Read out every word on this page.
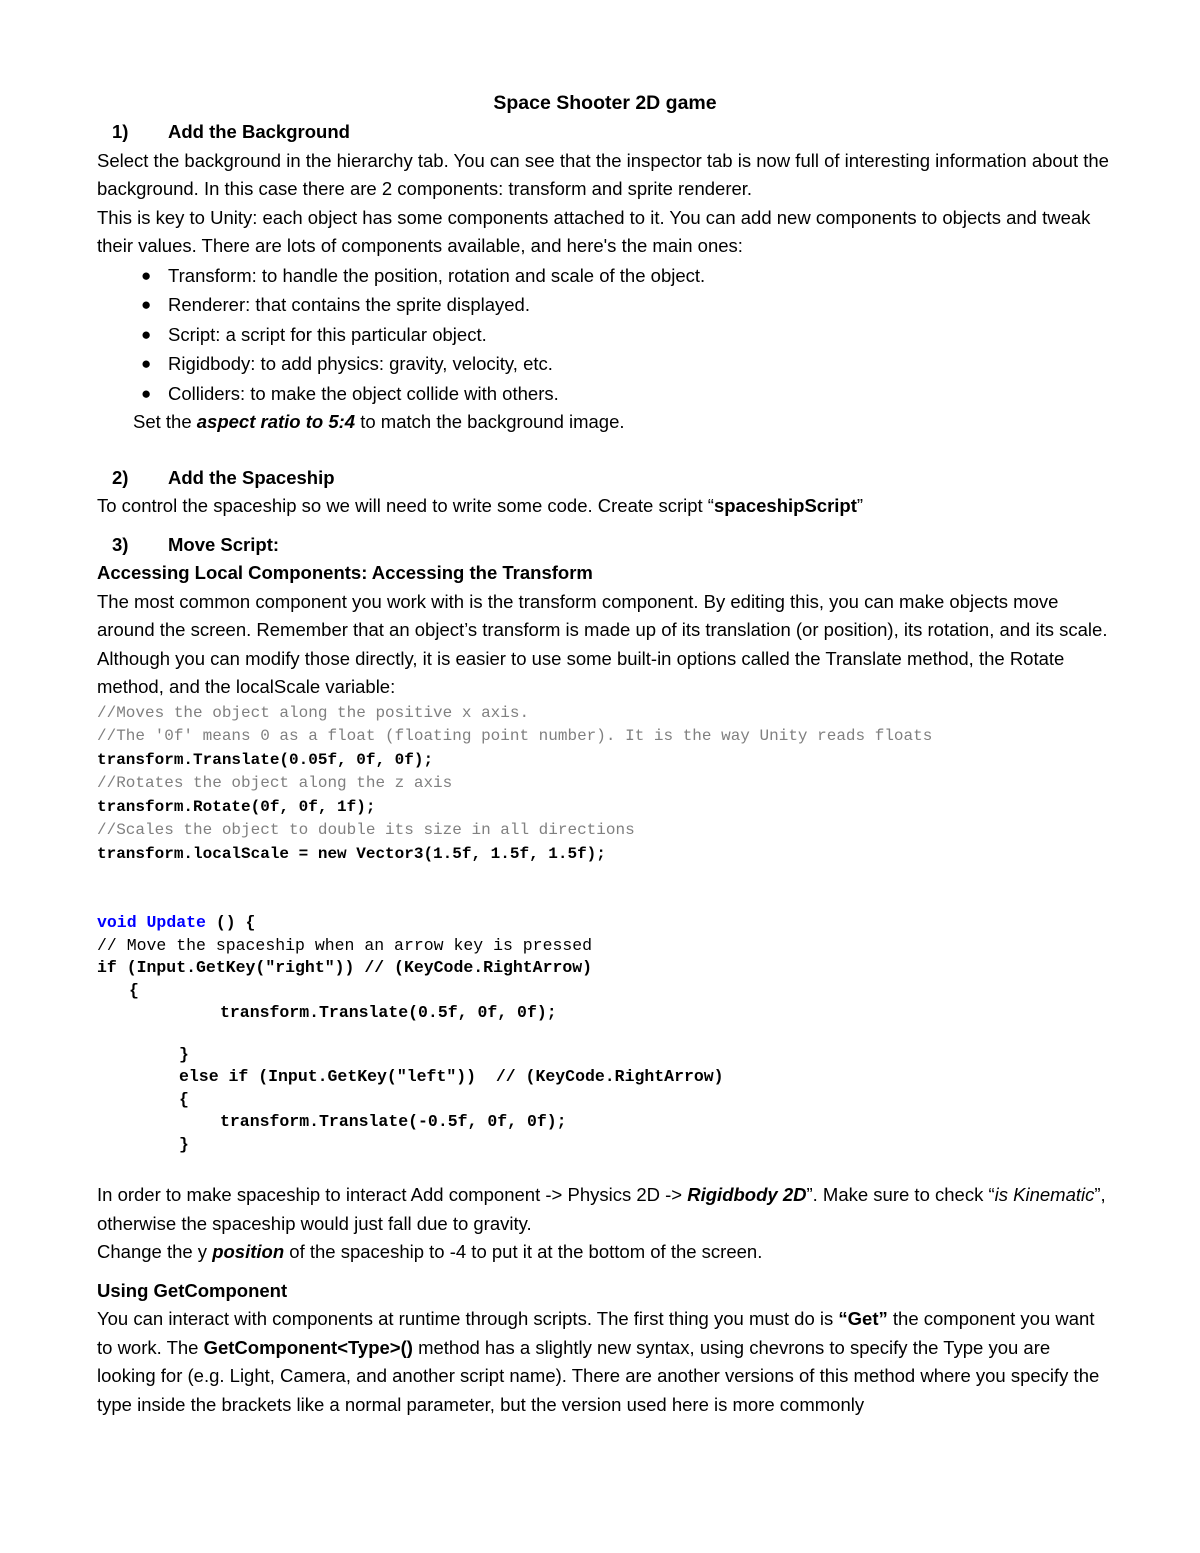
Space Shooter 2D game

1) Add the Background

Select the background in the hierarchy tab. You can see that the inspector tab is now full of interesting information about the background. In this case there are 2 components: transform and sprite renderer.

This is key to Unity: each object has some components attached to it. You can add new components to objects and tweak their values. There are lots of components available, and here's the main ones:

● Transform: to handle the position, rotation and scale of the object.
● Renderer: that contains the sprite displayed.
● Script: a script for this particular object.
● Rigidbody: to add physics: gravity, velocity, etc.
● Colliders: to make the object collide with others.

Set the aspect ratio to 5:4 to match the background image.

2) Add the Spaceship

To control the spaceship so we will need to write some code. Create script “spaceshipScript”

3) Move Script:

Accessing Local Components: Accessing the Transform

The most common component you work with is the transform component. By editing this, you can make objects move around the screen. Remember that an object’s transform is made up of its translation (or position), its rotation, and its scale. Although you can modify those directly, it is easier to use some built-in options called the Translate method, the Rotate method, and the localScale variable:

//Moves the object along the positive x axis.
//The '0f' means 0 as a float (floating point number). It is the way Unity reads floats
transform.Translate(0.05f, 0f, 0f);
//Rotates the object along the z axis
transform.Rotate(0f, 0f, 1f);
//Scales the object to double its size in all directions
transform.localScale = new Vector3(1.5f, 1.5f, 1.5f);
void Update () {
// Move the spaceship when an arrow key is pressed
if (Input.GetKey("right")) // (KeyCode.RightArrow)
{
transform.Translate(0.5f, 0f, 0f);
}
else if (Input.GetKey("left"))  // (KeyCode.RightArrow)
{
transform.Translate(-0.5f, 0f, 0f);
}

In order to make spaceship to interact Add component -> Physics 2D -> Rigidbody 2D”. Make sure to check “is Kinematic”, otherwise the spaceship would just fall due to gravity.

Change the y position of the spaceship to -4 to put it at the bottom of the screen.

Using GetComponent

You can interact with components at runtime through scripts. The first thing you must do is “Get” the component you want to work. The GetComponent<Type>() method has a slightly new syntax, using chevrons to specify the Type you are looking for (e.g. Light, Camera, and another script name). There are another versions of this method where you specify the type inside the brackets like a normal parameter, but the version used here is more commonly
